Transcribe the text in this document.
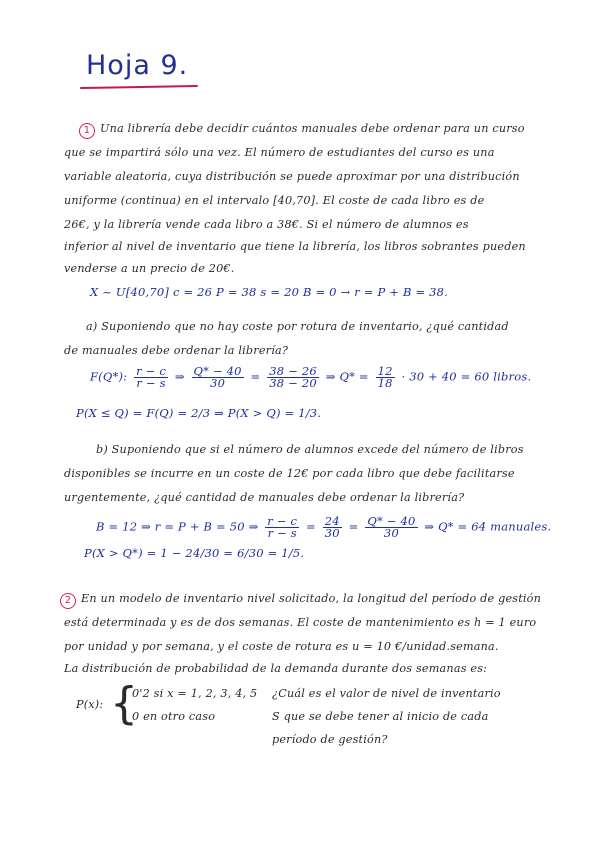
Hoja 9.
1 Una librería debe decidir cuántos manuales debe ordenar para un curso
que se impartirá sólo una vez. El número de estudiantes del curso es una
variable aleatoria, cuya distribución se puede aproximar por una distribución
uniforme (continua) en el intervalo [40,70]. El coste de cada libro es de
26€, y la librería vende cada libro a 38€. Si el número de alumnos es
inferior al nivel de inventario que tiene la librería, los libros sobrantes pueden
venderse a un precio de 20€.
X ~ U[40,70] c = 26 P = 38 s = 20 B = 0 → r = P + B = 38.
a) Suponiendo que no hay coste por rotura de inventario, ¿qué cantidad
de manuales debe ordenar la librería?
F(Q*): $\frac{r - c}{r - s}$ ⇒ $\frac{Q* - 40}{30} = \frac{38 - 26}{38 - 20}$ ⇒ $Q* = \frac{12}{18} \cdot 30 + 40 = 60$ libros.
P(X ≤ Q) = F(Q) = 2/3 ⇒ P(X > Q) = 1/3.
b) Suponiendo que si el número de alumnos excede del número de libros
disponibles se incurre en un coste de 12€ por cada libro que debe facilitarse
urgentemente, ¿qué cantidad de manuales debe ordenar la librería?
B = 12 ⇒ r = P + B = 50 ⇒ $\frac{r - c}{r - s} = \frac{24}{30} = \frac{Q* - 40}{30}$ ⇒ Q* = 64 manuales.
P(X > Q*) = 1 − 24/30 = 6/30 = 1/5.
2 En un modelo de inventario nivel solicitado, la longitud del período de gestión
está determinada y es de dos semanas. El coste de mantenimiento es h = 1 euro
por unidad y por semana, y el coste de rotura es u = 10 €/unidad.semana.
La distribución de probabilidad de la demanda durante dos semanas es:
P(x): {
0'2 si x = 1, 2, 3, 4, 5
0 en otro caso
¿Cuál es el valor de nivel de inventario
S que se debe tener al inicio de cada
período de gestión?
